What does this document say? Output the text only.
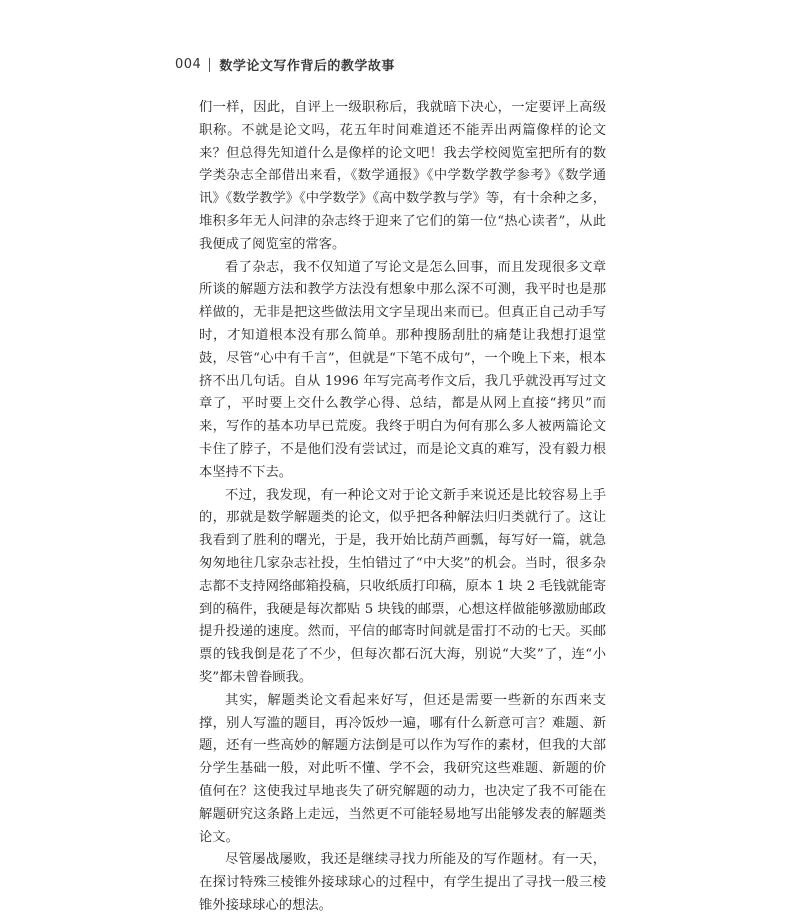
004 数学论文写作背后的教学故事

们一样，因此，自评上一级职称后，我就暗下决心，一定要评上高级职称。不就是论文吗，花五年时间难道还不能弄出两篇像样的论文来？但总得先知道什么是像样的论文吧！我去学校阅览室把所有的数学类杂志全部借出来看，《数学通报》《中学数学教学参考》《数学通讯》《数学教学》《中学数学》《高中数学教与学》等，有十余种之多，堆积多年无人问津的杂志终于迎来了它们的第一位“热心读者”，从此我便成了阅览室的常客。

看了杂志，我不仅知道了写论文是怎么回事，而且发现很多文章所谈的解题方法和教学方法没有想象中那么深不可测，我平时也是那样做的，无非是把这些做法用文字呈现出来而已。但真正自己动手写时，才知道根本没有那么简单。那种搜肠刮肚的痛楚让我想打退堂鼓，尽管“心中有千言”，但就是“下笔不成句”，一个晚上下来，根本挤不出几句话。自从 1996 年写完高考作文后，我几乎就没再写过文章了，平时要上交什么教学心得、总结，都是从网上直接“拷贝”而来，写作的基本功早已荒废。我终于明白为何有那么多人被两篇论文卡住了脖子，不是他们没有尝试过，而是论文真的难写，没有毅力根本坚持不下去。

不过，我发现，有一种论文对于论文新手来说还是比较容易上手的，那就是数学解题类的论文，似乎把各种解法归归类就行了。这让我看到了胜利的曙光，于是，我开始比葫芦画瓢，每写好一篇，就急匆匆地往几家杂志社投，生怕错过了“中大奖”的机会。当时，很多杂志都不支持网络邮箱投稿，只收纸质打印稿，原本 1 块 2 毛钱就能寄到的稿件，我硬是每次都贴 5 块钱的邮票，心想这样做能够激励邮政提升投递的速度。然而，平信的邮寄时间就是雷打不动的七天。买邮票的钱我倒是花了不少，但每次都石沉大海，别说“大奖”了，连“小奖”都未曾眷顾我。

其实，解题类论文看起来好写，但还是需要一些新的东西来支撑，别人写滥的题目，再冷饭炒一遍，哪有什么新意可言？难题、新题，还有一些高妙的解题方法倒是可以作为写作的素材，但我的大部分学生基础一般，对此听不懂、学不会，我研究这些难题、新题的价值何在？这使我过早地丧失了研究解题的动力，也决定了我不可能在解题研究这条路上走远，当然更不可能轻易地写出能够发表的解题类论文。

尽管屡战屡败，我还是继续寻找力所能及的写作题材。有一天，在探讨特殊三棱锥外接球球心的过程中，有学生提出了寻找一般三棱锥外接球球心的想法。
